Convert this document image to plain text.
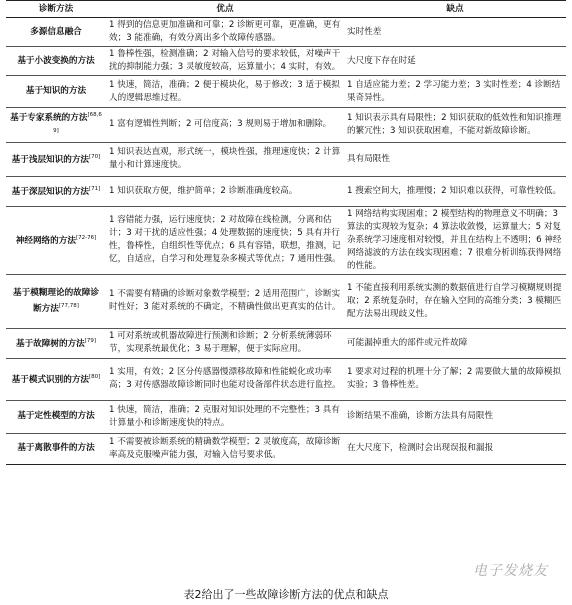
诊断方法	优点	缺点
多源信息融合	1 得到的信息更加准确和可靠；2 诊断更可靠，更准确，更有效；3 能准确，有效分离出多个故障传感器。	实时性差
基于小波变换的方法	1 鲁棒性强，检测准确；2 对输入信号的要求较低，对噪声干扰的抑制能力强；3 灵敏度较高，运算量小；4 实时，有效。	大尺度下存在时延
基于知识的方法	1 快速，简洁，准确；2 便于模块化，易于修改；3 适于模拟人的逻辑思维过程。	1 自适应能力差；2 学习能力差；3 实时性差；4 诊断结果奇异性。
基于专家系统的方法[68,69]	1 富有逻辑性判断；2 可信度高；3 规则易于增加和删除。	1 知识表示具有局限性；2 知识获取的低效性和知识推理的繁冗性；3 知识获取困难，不能对新故障诊断。
基于浅层知识的方法[70]	1 知识表达直观，形式统一，模块性强，推理速度快；2 计算量小和计算速度快。	具有局限性
基于深层知识的方法[71]	1 知识获取方便，维护简单；2 诊断准确度较高。	1 搜索空间大，推理慢；2 知识难以获得，可靠性较低。
神经网络的方法[72-76]	1 容错能力强，运行速度快；2 对故障在线检测，分离和估计；3 对干扰的适应性强；4 处理数据的速度快；5 具有并行性，鲁棒性，自组织性等优点；6 具有容错，联想，推测，记忆，自适应，自学习和处理复杂多模式等优点；7 通用性强。	1 网络结构实现困难；2 模型结构的物理意义不明确；3 算法的实现较为复杂；4 算法收敛慢，运算量大；5 对复杂系统学习速度相对较慢，并且在结构上不透明；6 神经网络滤波的方法在线实现困难；7 很难分析训练获得网络的性能。
基于模糊理论的故障诊断方法[77,78]	1 不需要有精确的诊断对象数学模型；2 适用范围广，诊断实时性好；3 能对系统的不确定，不精确性做出更真实的估计。	1 不能直接利用系统实测的数据值进行自学习模糊规则提取；2 系统复杂时，存在输入空间的高维分类；3 模糊匹配方法易出现歧义性。
基于故障树的方法[79]	1 可对系统或机器故障进行预测和诊断；2 分析系统薄弱环节，实现系统最优化；3 易于理解，便于实际应用。	可能漏掉重大的部件或元件故障
基于模式识别的方法[80]	1 实用，有效；2 区分传感器慢漂移故障和性能蜕化或功率高；3 对传感器故障诊断同时也能对设备部件状态进行监控。	1 要求对过程的机理十分了解；2 需要做大量的故障模拟实验；3 鲁棒性差。
基于定性模型的方法	1 快速，简洁，准确；2 克服对知识处理的不完整性；3 具有计算量小和诊断速度快的特点。	诊断结果不准确，诊断方法具有局限性
基于离散事件的方法	1 不需要被诊断系统的精确数学模型；2 灵敏度高，故障诊断率高及克服噪声能力强，对输入信号要求低。	在大尺度下，检测时会出现误报和漏报
电子发烧友
表2给出了一些故障诊断方法的优点和缺点
